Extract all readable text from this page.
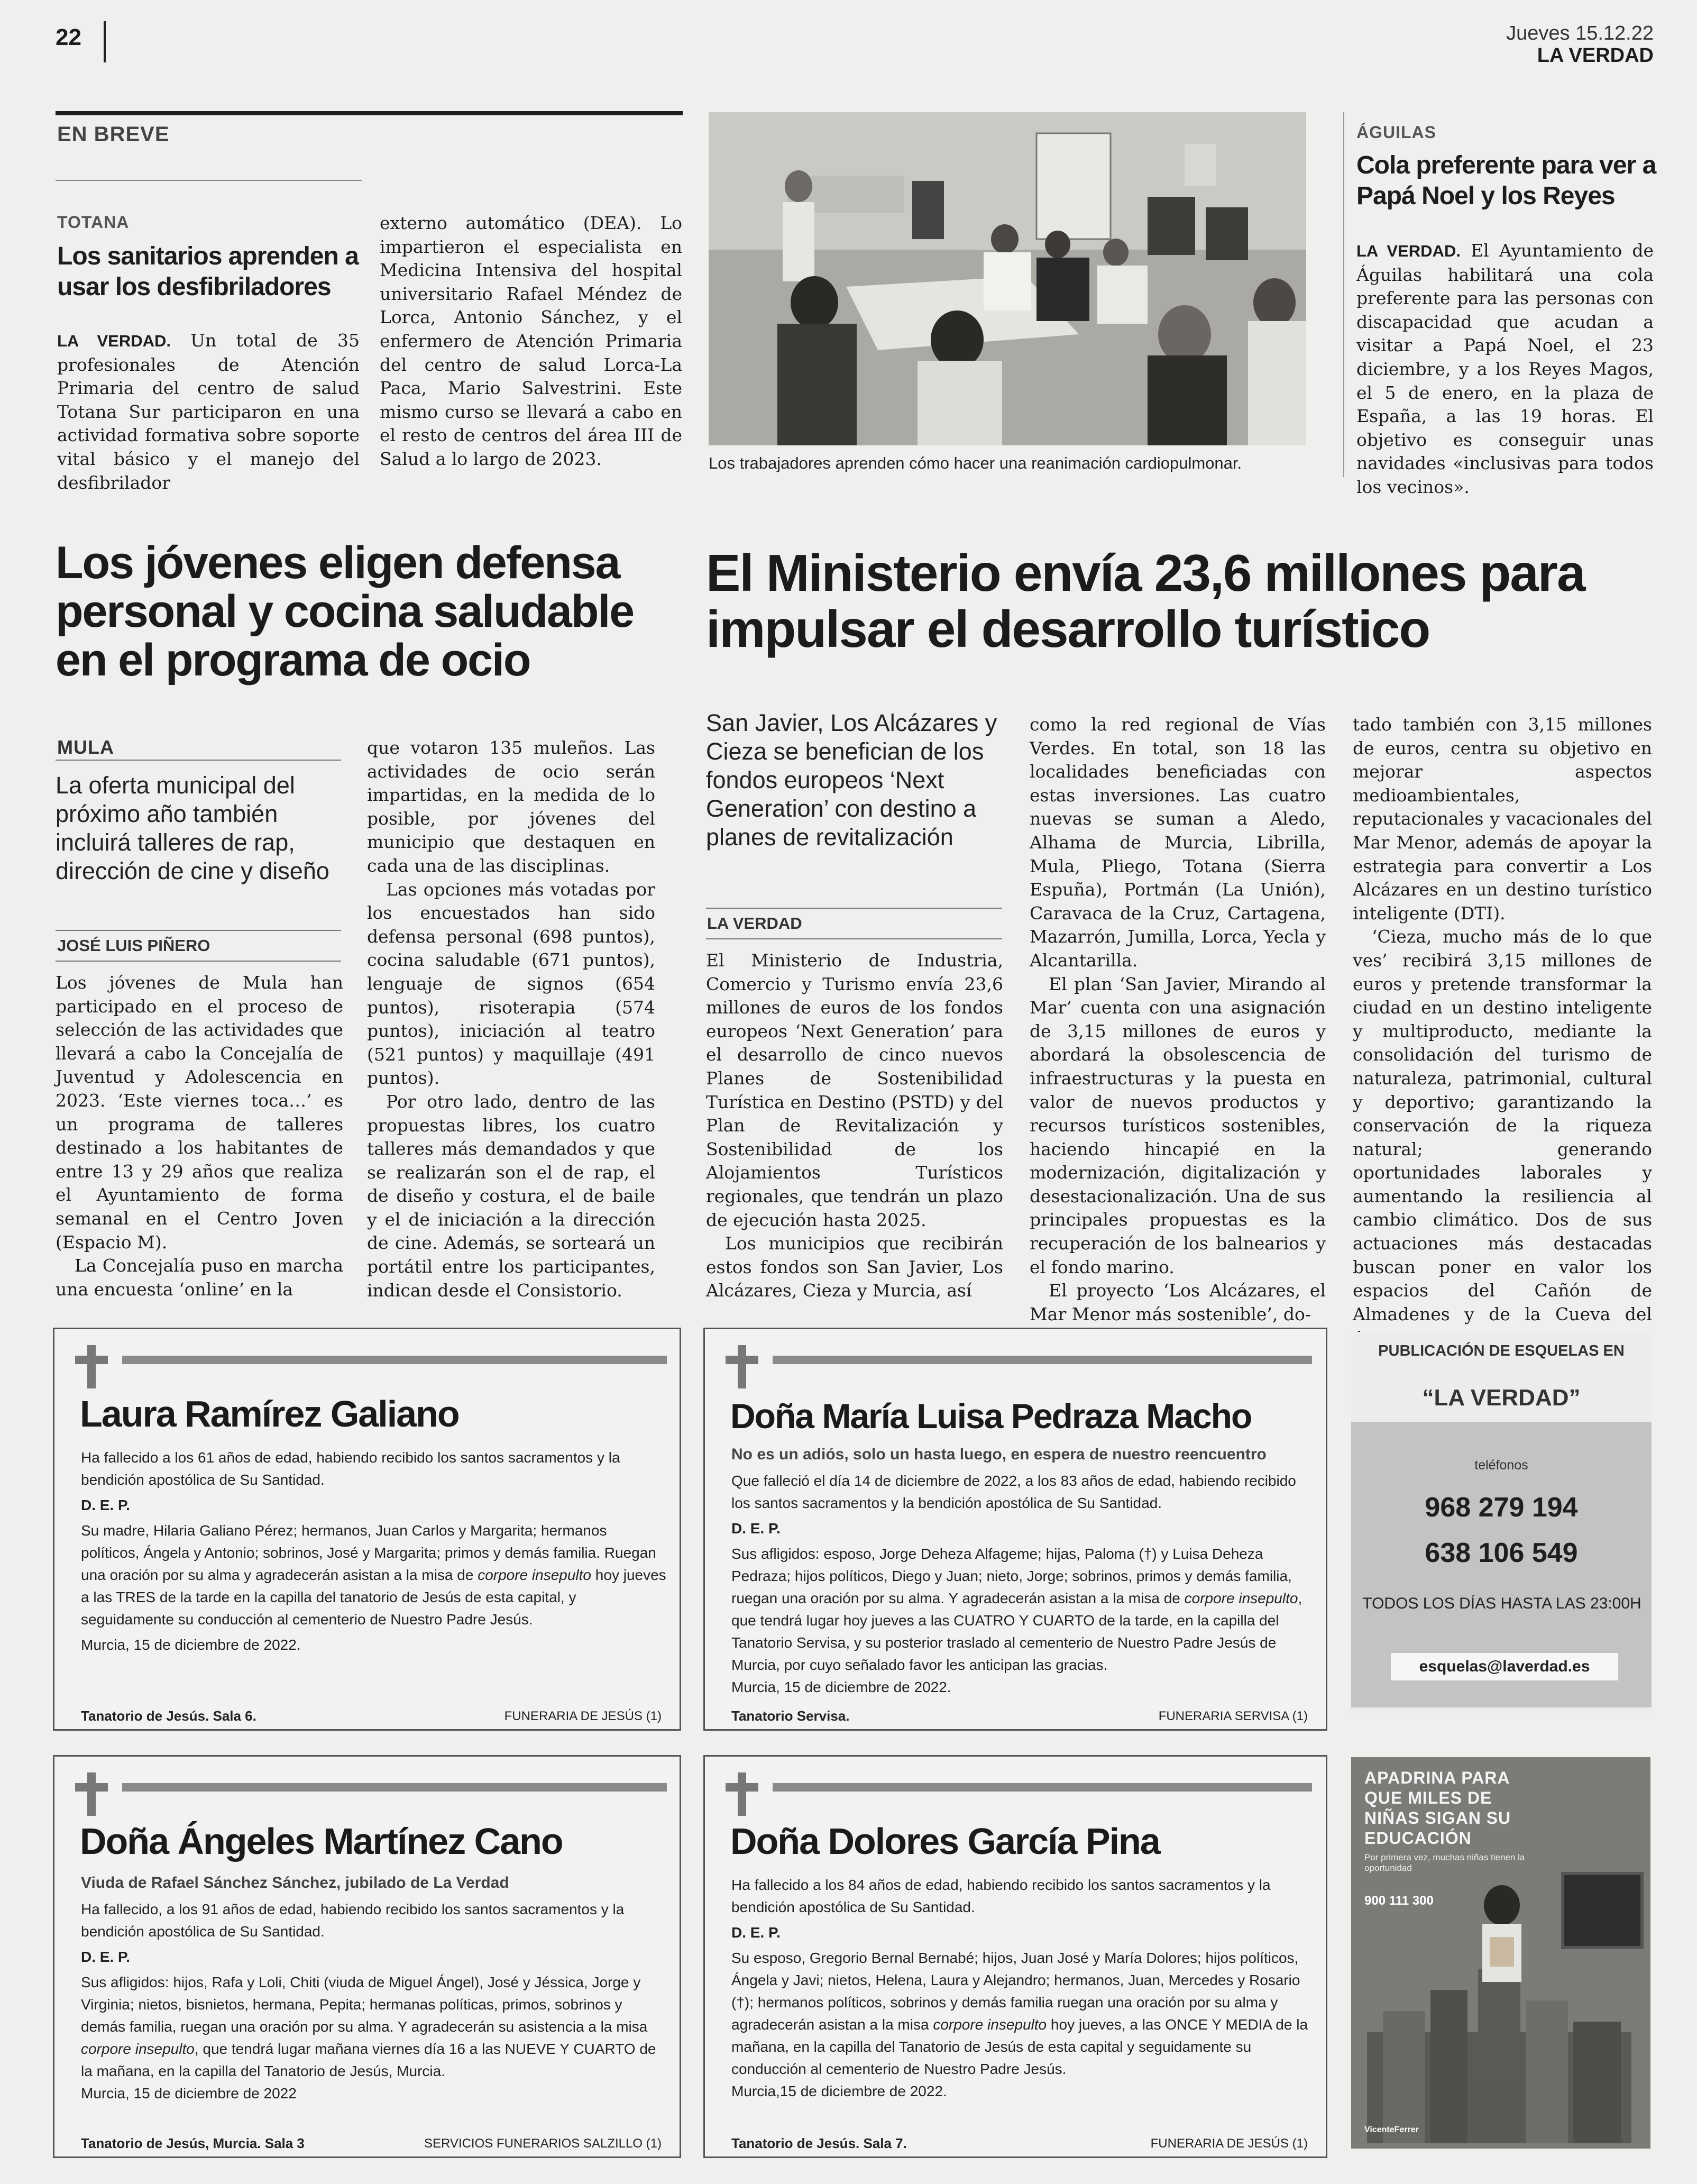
22	Jueves 15.12.22
LA VERDAD
EN BREVE
TOTANA
Los sanitarios aprenden a usar los desfibriladores

LA VERDAD. Un total de 35 profesionales de Atención Primaria del centro de salud Totana Sur participaron en una actividad formativa sobre soporte vital básico y el manejo del desfibrilador

externo automático (DEA). Lo impartieron el especialista en Medicina Intensiva del hospital universitario Rafael Méndez de Lorca, Antonio Sánchez, y el enfermero de Atención Primaria del centro de salud Lorca-La Paca, Mario Salvestrini. Este mismo curso se llevará a cabo en el resto de centros del área III de Salud a lo largo de 2023.	Los trabajadores aprenden cómo hacer una reanimación cardiopulmonar.
ÁGUILAS
Cola preferente para ver a Papá Noel y los Reyes

LA VERDAD. El Ayuntamiento de Águilas habilitará una cola preferente para las personas con discapacidad que acudan a visitar a Papá Noel, el 23 diciembre, y a los Reyes Magos, el 5 de enero, en la plaza de España, a las 19 horas. El objetivo es conseguir unas navidades «inclusivas para todos los vecinos».

Los jóvenes eligen defensa personal y cocina saludable en el programa de ocio
MULA
La oferta municipal del próximo año también incluirá talleres de rap, dirección de cine y diseño
JOSÉ LUIS PIÑERO

Los jóvenes de Mula han participado en el proceso de selección de las actividades que llevará a cabo la Concejalía de Juventud y Adolescencia en 2023. ‘Este viernes toca…’ es un programa de talleres destinado a los habitantes de entre 13 y 29 años que realiza el Ayuntamiento de forma semanal en el Centro Joven (Espacio M).

La Concejalía puso en marcha una encuesta ‘online’ en la

que votaron 135 muleños. Las actividades de ocio serán impartidas, en la medida de lo posible, por jóvenes del municipio que destaquen en cada una de las disciplinas.

Las opciones más votadas por los encuestados han sido defensa personal (698 puntos), cocina saludable (671 puntos), lenguaje de signos (654 puntos), risoterapia (574 puntos), iniciación al teatro (521 puntos) y maquillaje (491 puntos).

Por otro lado, dentro de las propuestas libres, los cuatro talleres más demandados y que se realizarán son el de rap, el de diseño y costura, el de baile y el de iniciación a la dirección de cine. Además, se sorteará un portátil entre los participantes, indican desde el Consistorio.

El Ministerio envía 23,6 millones para impulsar el desarrollo turístico
San Javier, Los Alcázares y Cieza se benefician de los fondos europeos ‘Next Generation’ con destino a planes de revitalización
LA VERDAD

El Ministerio de Industria, Comercio y Turismo envía 23,6 millones de euros de los fondos europeos ‘Next Generation’ para el desarrollo de cinco nuevos Planes de Sostenibilidad Turística en Destino (PSTD) y del Plan de Revitalización y Sostenibilidad de los Alojamientos Turísticos regionales, que tendrán un plazo de ejecución hasta 2025.

Los municipios que recibirán estos fondos son San Javier, Los Alcázares, Cieza y Murcia, así

como la red regional de Vías Verdes. En total, son 18 las localidades beneficiadas con estas inversiones. Las cuatro nuevas se suman a Aledo, Alhama de Murcia, Librilla, Mula, Pliego, Totana (Sierra Espuña), Portmán (La Unión), Caravaca de la Cruz, Cartagena, Mazarrón, Jumilla, Lorca, Yecla y Alcantarilla.

El plan ‘San Javier, Mirando al Mar’ cuenta con una asignación de 3,15 millones de euros y abordará la obsolescencia de infraestructuras y la puesta en valor de nuevos productos y recursos turísticos sostenibles, haciendo hincapié en la modernización, digitalización y desestacionalización. Una de sus principales propuestas es la recuperación de los balnearios y el fondo marino.

El proyecto ‘Los Alcázares, el Mar Menor más sostenible’, do-

tado también con 3,15 millones de euros, centra su objetivo en mejorar aspectos medioambientales, reputacionales y vacacionales del Mar Menor, además de apoyar la estrategia para convertir a Los Alcázares en un destino turístico inteligente (DTI).

‘Cieza, mucho más de lo que ves’ recibirá 3,15 millones de euros y pretende transformar la ciudad en un destino inteligente y multiproducto, mediante la consolidación del turismo de naturaleza, patrimonial, cultural y deportivo; garantizando la conservación de la riqueza natural; generando oportunidades laborales y aumentando la resiliencia al cambio climático. Dos de sus actuaciones más destacadas buscan poner en valor los espacios del Cañón de Almadenes y de la Cueva del

Laura Ramírez Galiano

Ha fallecido a los 61 años de edad, habiendo recibido los santos sacramentos y la bendición apostólica de Su Santidad.

D. E. P.

Su madre, Hilaria Galiano Pérez; hermanos, Juan Carlos y Margarita; hermanos políticos, Ángela y Antonio; sobrinos, José y Margarita; primos y demás familia. Ruegan una oración por su alma y agradecerán asistan a la misa de corpore insepulto hoy jueves a las TRES de la tarde en la capilla del tanatorio de Jesús de esta capital, y seguidamente su conducción al cementerio de Nuestro Padre Jesús.

Murcia, 15 de diciembre de 2022.

Tanatorio de Jesús. Sala 6.	FUNERARIA DE JESÚS (1)
Doña María Luisa Pedraza Macho
No es un adiós, solo un hasta luego, en espera de nuestro reencuentro

Que falleció el día 14 de diciembre de 2022, a los 83 años de edad, habiendo recibido los santos sacramentos y la bendición apostólica de Su Santidad.

D. E. P.

Sus afligidos: esposo, Jorge Deheza Alfageme; hijas, Paloma (†) y Luisa Deheza Pedraza; hijos políticos, Diego y Juan; nieto, Jorge; sobrinos, primos y demás familia, ruegan una oración por su alma. Y agradecerán asistan a la misa de corpore insepulto, que tendrá lugar hoy jueves a las CUATRO Y CUARTO de la tarde, en la capilla del Tanatorio Servisa, y su posterior traslado al cementerio de Nuestro Padre Jesús de Murcia, por cuyo señalado favor les anticipan las gracias.

Murcia, 15 de diciembre de 2022.

Tanatorio Servisa.	FUNERARIA SERVISA (1)
Doña Ángeles Martínez Cano
Viuda de Rafael Sánchez Sánchez, jubilado de La Verdad

Ha fallecido, a los 91 años de edad, habiendo recibido los santos sacramentos y la bendición apostólica de Su Santidad.

D. E. P.

Sus afligidos: hijos, Rafa y Loli, Chiti (viuda de Miguel Ángel), José y Jéssica, Jorge y Virginia; nietos, bisnietos, hermana, Pepita; hermanas políticas, primos, sobrinos y demás familia, ruegan una oración por su alma. Y agradecerán su asistencia a la misa corpore insepulto, que tendrá lugar mañana viernes día 16 a las NUEVE Y CUARTO de la mañana, en la capilla del Tanatorio de Jesús, Murcia.

Murcia, 15 de diciembre de 2022

Tanatorio de Jesús, Murcia. Sala 3	SERVICIOS FUNERARIOS SALZILLO (1)
Doña Dolores García Pina

Ha fallecido a los 84 años de edad, habiendo recibido los santos sacramentos y la bendición apostólica de Su Santidad.

D. E. P.

Su esposo, Gregorio Bernal Bernabé; hijos, Juan José y María Dolores; hijos políticos, Ángela y Javi; nietos, Helena, Laura y Alejandro; hermanos, Juan, Mercedes y Rosario (†); hermanos políticos, sobrinos y demás familia ruegan una oración por su alma y agradecerán asistan a la misa corpore insepulto hoy jueves, a las ONCE Y MEDIA de la mañana, en la capilla del Tanatorio de Jesús de esta capital y seguidamente su conducción al cementerio de Nuestro Padre Jesús.

Murcia,15 de diciembre de 2022.

Tanatorio de Jesús. Sala 7.	FUNERARIA DE JESÚS (1)
PUBLICACIÓN DE ESQUELAS EN
“LA VERDAD”
teléfonos
968 279 194
638 106 549
TODOS LOS DÍAS HASTA LAS 23:00H
esquelas@laverdad.es
APADRINA PARA QUE MILES DE NIÑAS SIGAN SU EDUCACIÓN
Por primera vez, muchas niñas tienen la oportunidad
900 111 300
VicenteFerrer
